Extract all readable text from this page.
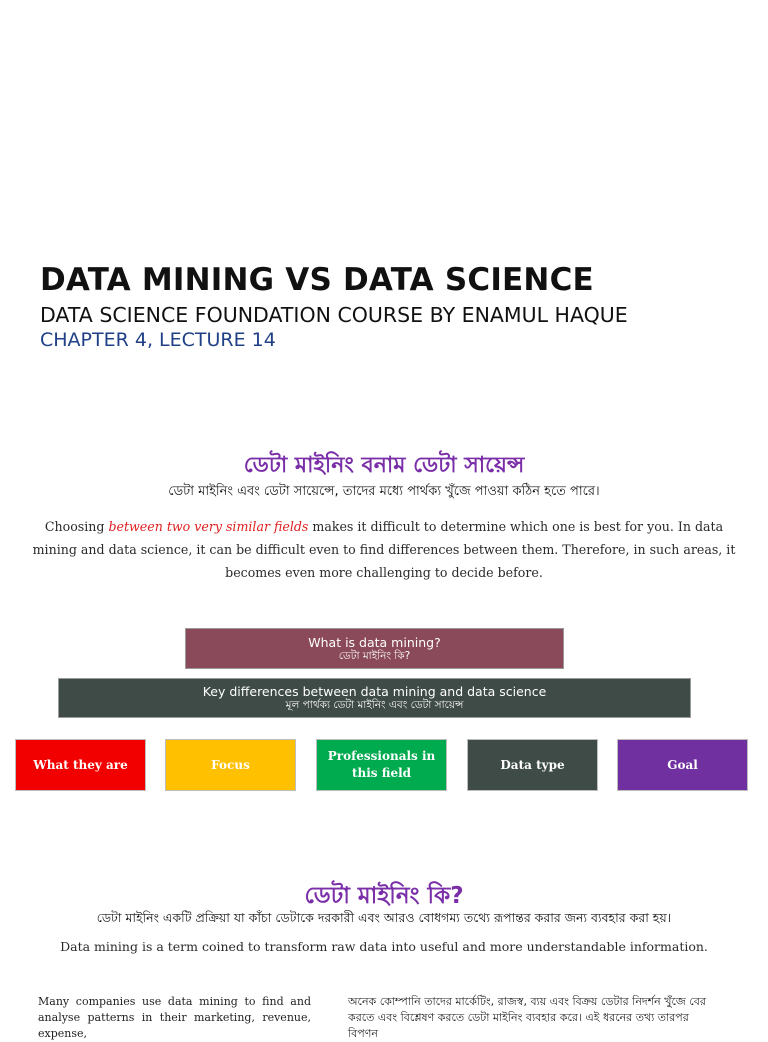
DATA MINING VS DATA SCIENCE
DATA SCIENCE FOUNDATION COURSE BY ENAMUL HAQUE
CHAPTER 4, LECTURE 14
ডেটা মাইনিং বনাম ডেটা সায়েন্স
ডেটা মাইনিং এবং ডেটা সায়েন্সে, তাদের মধ্যে পার্থক্য খুঁজে পাওয়া কঠিন হতে পারে।

Choosing between two very similar fields makes it difficult to determine which one is best for you. In data mining and data science, it can be difficult even to find differences between them. Therefore, in such areas, it becomes even more challenging to decide before.

What is data mining?
ডেটা মাইনিং কি?
Key differences between data mining and data science
মূল পার্থক্য ডেটা মাইনিং এবং ডেটা সায়েন্স
What they are	Focus
Professionals in this field
Data type	Goal
ডেটা মাইনিং কি?
ডেটা মাইনিং একটি প্রক্রিয়া যা কাঁচা ডেটাকে দরকারী এবং আরও বোধগম্য তথ্যে রূপান্তর করার জন্য ব্যবহার করা হয়।
Data mining is a term coined to transform raw data into useful and more understandable information.

Many companies use data mining to find and analyse patterns in their marketing, revenue, expense,

অনেক কোম্পানি তাদের মার্কেটিং, রাজস্ব, ব্যয় এবং বিক্রয় ডেটার নিদর্শন খুঁজে বের করতে এবং বিশ্লেষণ করতে ডেটা মাইনিং ব্যবহার করে। এই ধরনের তথ্য তারপর বিপণন
